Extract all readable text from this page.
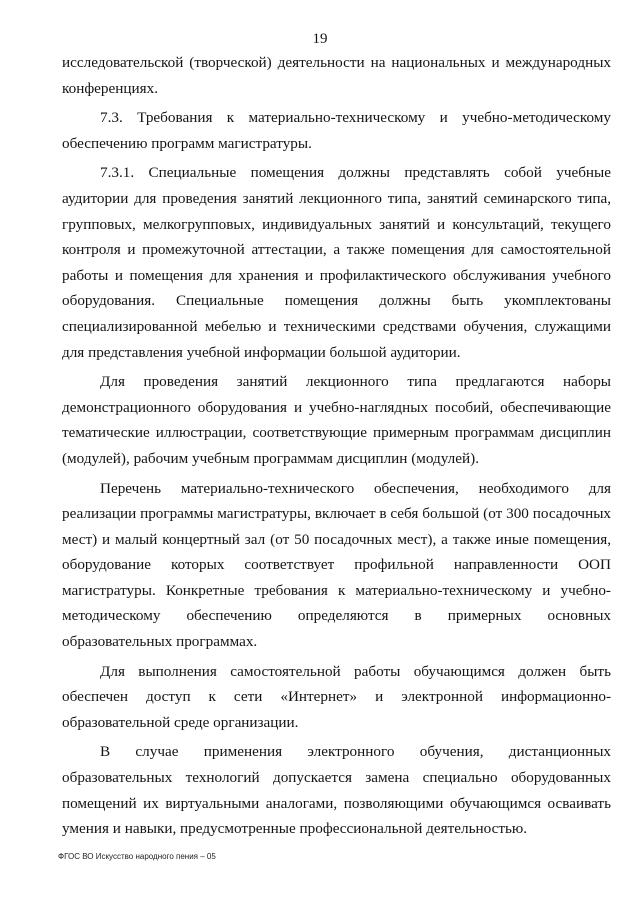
19

исследовательской (творческой) деятельности на национальных и международных конференциях.

7.3. Требования к материально-техническому и учебно-методическому обеспечению программ магистратуры.

7.3.1. Специальные помещения должны представлять собой учебные аудитории для проведения занятий лекционного типа, занятий семинарского типа, групповых, мелкогрупповых, индивидуальных занятий и консультаций, текущего контроля и промежуточной аттестации, а также помещения для самостоятельной работы и помещения для хранения и профилактического обслуживания учебного оборудования. Специальные помещения должны быть укомплектованы специализированной мебелью и техническими средствами обучения, служащими для представления учебной информации большой аудитории.

Для проведения занятий лекционного типа предлагаются наборы демонстрационного оборудования и учебно-наглядных пособий, обеспечивающие тематические иллюстрации, соответствующие примерным программам дисциплин (модулей), рабочим учебным программам дисциплин (модулей).

Перечень материально-технического обеспечения, необходимого для реализации программы магистратуры, включает в себя большой (от 300 посадочных мест) и малый концертный зал (от 50 посадочных мест), а также иные помещения, оборудование которых соответствует профильной направленности ООП магистратуры. Конкретные требования к материально-техническому и учебно-методическому обеспечению определяются в примерных основных образовательных программах.

Для выполнения самостоятельной работы обучающимся должен быть обеспечен доступ к сети «Интернет» и электронной информационно-образовательной среде организации.

В случае применения электронного обучения, дистанционных образовательных технологий допускается замена специально оборудованных помещений их виртуальными аналогами, позволяющими обучающимся осваивать умения и навыки, предусмотренные профессиональной деятельностью.

ФГОС ВО Искусство народного пения – 05
